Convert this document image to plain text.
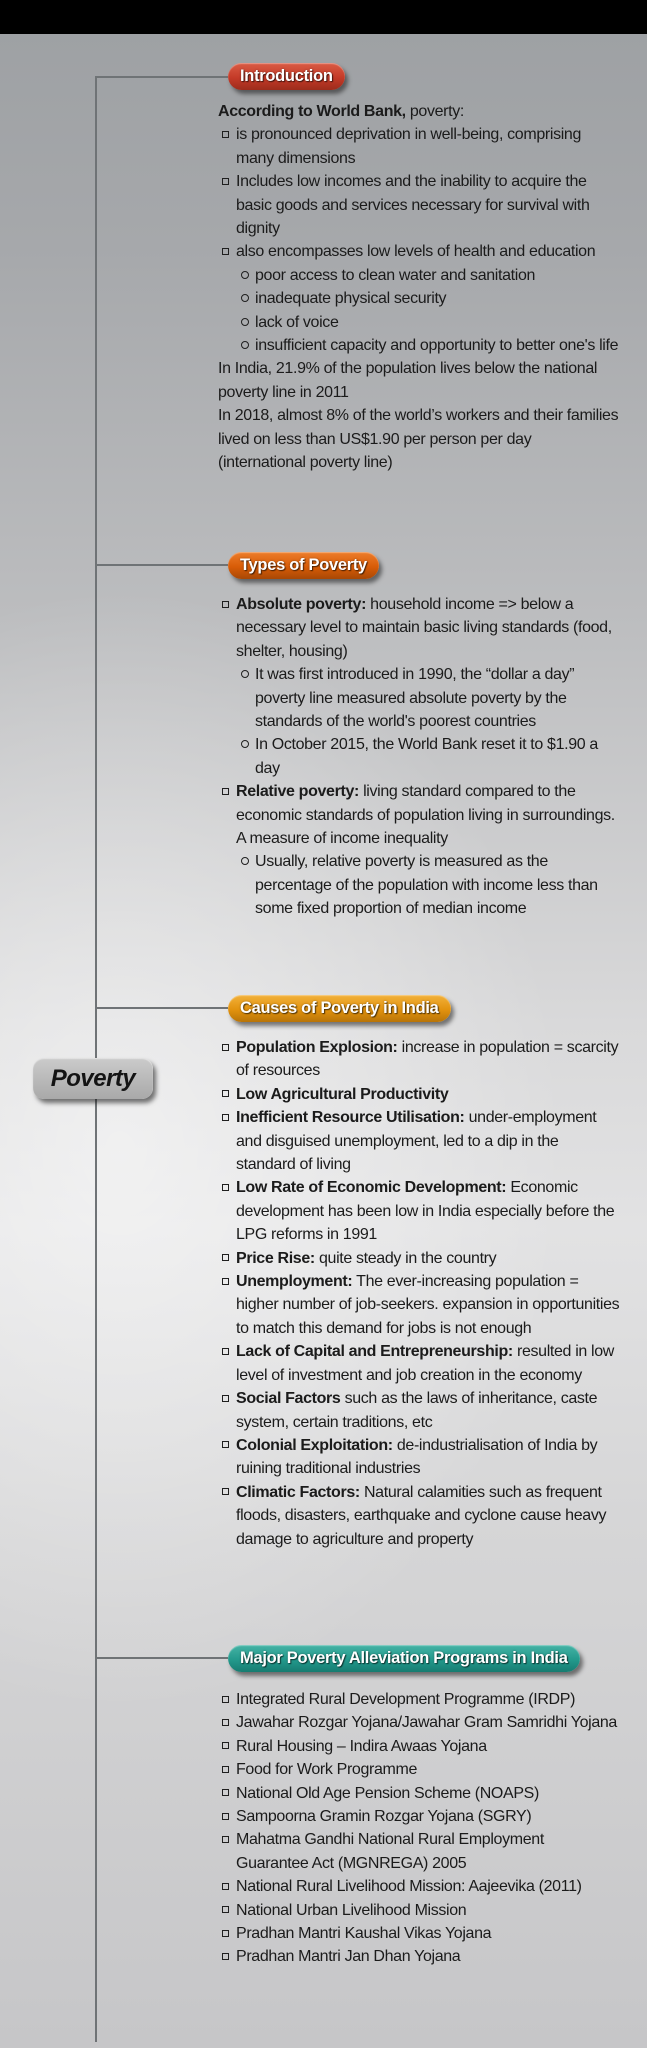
Poverty
Introduction
According to World Bank, poverty:
is pronounced deprivation in well-being, comprising many dimensions
Includes low incomes and the inability to acquire the basic goods and services necessary for survival with dignity
also encompasses low levels of health and education
poor access to clean water and sanitation
inadequate physical security
lack of voice
insufficient capacity and opportunity to better one's life
In India, 21.9% of the population lives below the national poverty line in 2011
In 2018, almost 8% of the world’s workers and their families lived on less than US$1.90 per person per day (international poverty line)
Types of Poverty
Absolute poverty: household income => below a necessary level to maintain basic living standards (food, shelter, housing)
It was first introduced in 1990, the “dollar a day” poverty line measured absolute poverty by the standards of the world's poorest countries
In October 2015, the World Bank reset it to $1.90 a day
Relative poverty: living standard compared to the economic standards of population living in surroundings. A measure of income inequality
Usually, relative poverty is measured as the percentage of the population with income less than some fixed proportion of median income
Causes of Poverty in India
Population Explosion: increase in population = scarcity of resources
Low Agricultural Productivity
Inefficient Resource Utilisation: under-employment and disguised unemployment, led to a dip in the standard of living
Low Rate of Economic Development: Economic development has been low in India especially before the LPG reforms in 1991
Price Rise: quite steady in the country
Unemployment: The ever-increasing population = higher number of job-seekers. expansion in opportunities to match this demand for jobs is not enough
Lack of Capital and Entrepreneurship: resulted in low level of investment and job creation in the economy
Social Factors such as the laws of inheritance, caste system, certain traditions, etc
Colonial Exploitation: de-industrialisation of India by ruining traditional industries
Climatic Factors: Natural calamities such as frequent floods, disasters, earthquake and cyclone cause heavy damage to agriculture and property
Major Poverty Alleviation Programs in India
Integrated Rural Development Programme (IRDP)
Jawahar Rozgar Yojana/Jawahar Gram Samridhi Yojana
Rural Housing – Indira Awaas Yojana
Food for Work Programme
National Old Age Pension Scheme (NOAPS)
Sampoorna Gramin Rozgar Yojana (SGRY)
Mahatma Gandhi National Rural Employment Guarantee Act (MGNREGA) 2005
National Rural Livelihood Mission: Aajeevika (2011)
National Urban Livelihood Mission
Pradhan Mantri Kaushal Vikas Yojana
Pradhan Mantri Jan Dhan Yojana
